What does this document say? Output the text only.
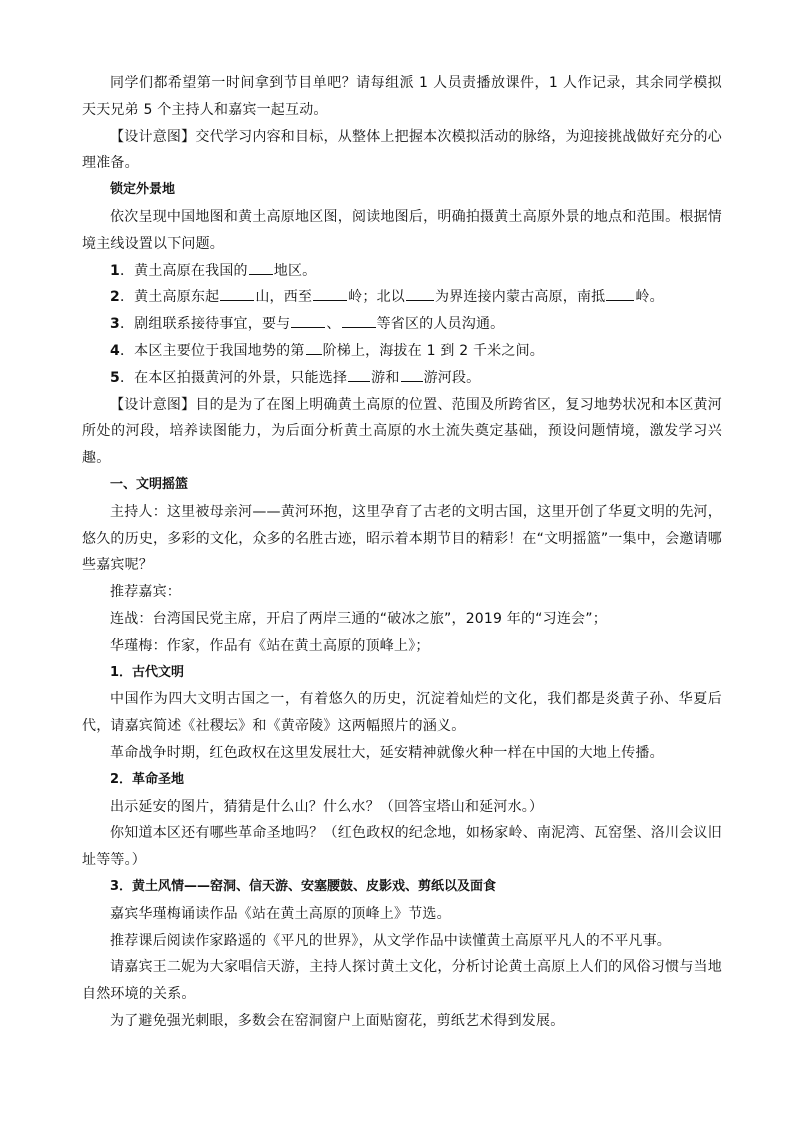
同学们都希望第一时间拿到节目单吧？请每组派 1 人员责播放课件，1 人作记录，其余同学模拟天天兄弟 5 个主持人和嘉宾一起互动。

【设计意图】交代学习内容和目标，从整体上把握本次模拟活动的脉络，为迎接挑战做好充分的心理准备。

锁定外景地

依次呈现中国地图和黄土高原地区图，阅读地图后，明确拍摄黄土高原外景的地点和范围。根据情境主线设置以下问题。

1．黄土高原在我国的 地区。

2．黄土高原东起	山，西至	岭；北以 为界连接内蒙古高原，南抵 岭。

3．剧组联系接待事宜，要与	、	等省区的人员沟通。

4．本区主要位于我国地势的第 阶梯上，海拔在 1 到 2 千米之间。

5．在本区拍摄黄河的外景，只能选择 游和 游河段。

【设计意图】目的是为了在图上明确黄土高原的位置、范围及所跨省区，复习地势状况和本区黄河所处的河段，培养读图能力，为后面分析黄土高原的水土流失奠定基础，预设问题情境，激发学习兴趣。

一、文明摇篮

主持人：这里被母亲河——黄河环抱，这里孕育了古老的文明古国，这里开创了华夏文明的先河，悠久的历史，多彩的文化，众多的名胜古迹，昭示着本期节目的精彩！在“文明摇篮”一集中，会邀请哪些嘉宾呢？

推荐嘉宾：

连战：台湾国民党主席，开启了两岸三通的“破冰之旅”，2019 年的“习连会”；

华瑾梅：作家，作品有《站在黄土高原的顶峰上》；

1．古代文明

中国作为四大文明古国之一，有着悠久的历史，沉淀着灿烂的文化，我们都是炎黄子孙、华夏后代，请嘉宾简述《社稷坛》和《黄帝陵》这两幅照片的涵义。

革命战争时期，红色政权在这里发展壮大，延安精神就像火种一样在中国的大地上传播。

2．革命圣地

出示延安的图片，猜猜是什么山？什么水？（回答宝塔山和延河水。）

你知道本区还有哪些革命圣地吗？（红色政权的纪念地，如杨家岭、南泥湾、瓦窑堡、洛川会议旧址等等。）

3．黄土风情——窑洞、信天游、安塞腰鼓、皮影戏、剪纸以及面食

嘉宾华瑾梅诵读作品《站在黄土高原的顶峰上》节选。

推荐课后阅读作家路遥的《平凡的世界》，从文学作品中读懂黄土高原平凡人的不平凡事。

请嘉宾王二妮为大家唱信天游，主持人探讨黄土文化，分析讨论黄土高原上人们的风俗习惯与当地自然环境的关系。

为了避免强光刺眼，多数会在窑洞窗户上面贴窗花，剪纸艺术得到发展。
